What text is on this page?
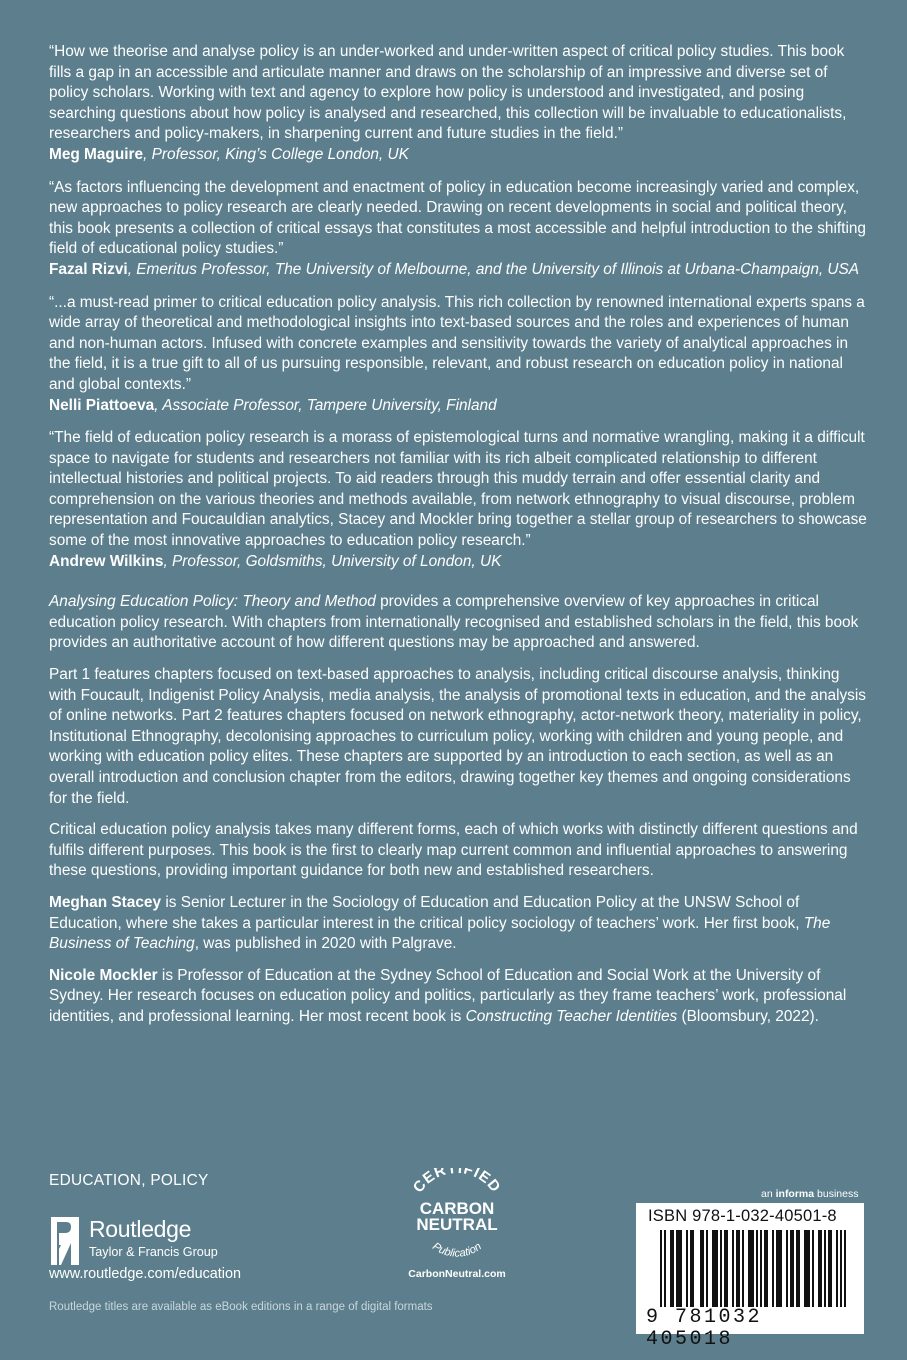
“How we theorise and analyse policy is an under-worked and under-written aspect of critical policy studies. This book fills a gap in an accessible and articulate manner and draws on the scholarship of an impressive and diverse set of policy scholars. Working with text and agency to explore how policy is understood and investigated, and posing searching questions about how policy is analysed and researched, this collection will be invaluable to educationalists, researchers and policy-makers, in sharpening current and future studies in the field.”
Meg Maguire, Professor, King’s College London, UK

“As factors influencing the development and enactment of policy in education become increasingly varied and complex, new approaches to policy research are clearly needed. Drawing on recent developments in social and political theory, this book presents a collection of critical essays that constitutes a most accessible and helpful introduction to the shifting field of educational policy studies.”
Fazal Rizvi, Emeritus Professor, The University of Melbourne, and the University of Illinois at Urbana-Champaign, USA

“...a must-read primer to critical education policy analysis. This rich collection by renowned international experts spans a wide array of theoretical and methodological insights into text-based sources and the roles and experiences of human and non-human actors. Infused with concrete examples and sensitivity towards the variety of analytical approaches in the field, it is a true gift to all of us pursuing responsible, relevant, and robust research on education policy in national and global contexts.”
Nelli Piattoeva, Associate Professor, Tampere University, Finland

“The field of education policy research is a morass of epistemological turns and normative wrangling, making it a difficult space to navigate for students and researchers not familiar with its rich albeit complicated relationship to different intellectual histories and political projects. To aid readers through this muddy terrain and offer essential clarity and comprehension on the various theories and methods available, from network ethnography to visual discourse, problem representation and Foucauldian analytics, Stacey and Mockler bring together a stellar group of researchers to showcase some of the most innovative approaches to education policy research.”
Andrew Wilkins, Professor, Goldsmiths, University of London, UK

Analysing Education Policy: Theory and Method provides a comprehensive overview of key approaches in critical education policy research. With chapters from internationally recognised and established scholars in the field, this book provides an authoritative account of how different questions may be approached and answered.

Part 1 features chapters focused on text-based approaches to analysis, including critical discourse analysis, thinking with Foucault, Indigenist Policy Analysis, media analysis, the analysis of promotional texts in education, and the analysis of online networks. Part 2 features chapters focused on network ethnography, actor-network theory, materiality in policy, Institutional Ethnography, decolonising approaches to curriculum policy, working with children and young people, and working with education policy elites. These chapters are supported by an introduction to each section, as well as an overall introduction and conclusion chapter from the editors, drawing together key themes and ongoing considerations for the field.

Critical education policy analysis takes many different forms, each of which works with distinctly different questions and fulfils different purposes. This book is the first to clearly map current common and influential approaches to answering these questions, providing important guidance for both new and established researchers.

Meghan Stacey is Senior Lecturer in the Sociology of Education and Education Policy at the UNSW School of Education, where she takes a particular interest in the critical policy sociology of teachers’ work. Her first book, The Business of Teaching, was published in 2020 with Palgrave.

Nicole Mockler is Professor of Education at the Sydney School of Education and Social Work at the University of Sydney. Her research focuses on education policy and politics, particularly as they frame teachers’ work, professional identities, and professional learning. Her most recent book is Constructing Teacher Identities (Bloomsbury, 2022).

EDUCATION, POLICY
Routledge
Taylor & Francis Group
www.routledge.com/education
Routledge titles are available as eBook editions in a range of digital formats
CERTIFIED
CARBON
NEUTRAL
Publication
CarbonNeutral.com
an informa business
ISBN 978-1-032-40501-8
9 781032 405018
